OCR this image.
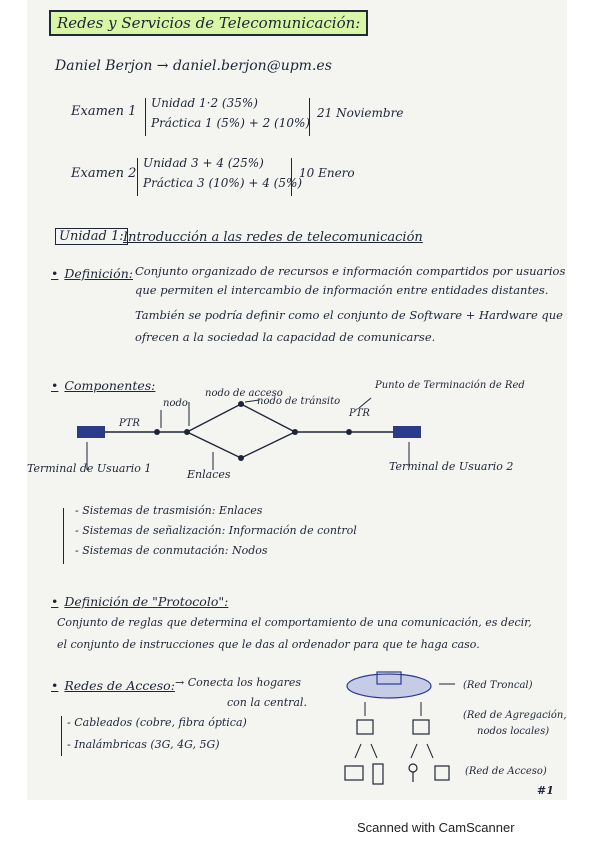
Redes y Servicios de Telecomunicación:
Daniel Berjon → daniel.berjon@upm.es
Examen 1
Unidad 1·2 (35%)
Práctica 1 (5%) + 2 (10%)
21 Noviembre
Examen 2
Unidad 3 + 4 (25%)
Práctica 3 (10%) + 4 (5%)
10 Enero
Unidad 1: Introducción a las redes de telecomunicación
• Definición: Conjunto organizado de recursos e información compartidos por usuarios
que permiten el intercambio de información entre entidades distantes.
También se podría definir como el conjunto de Software + Hardware que
ofrecen a la sociedad la capacidad de comunicarse.
• Componentes:
PTR
PTR
nodo
nodo de acceso
nodo de tránsito
Punto de Terminación de Red
Terminal de Usuario 1	Terminal de Usuario 2
Enlaces
- Sistemas de trasmisión: Enlaces
- Sistemas de señalización: Información de control
- Sistemas de conmutación: Nodos
• Definición de "Protocolo":
Conjunto de reglas que determina el comportamiento de una comunicación, es decir,
el conjunto de instrucciones que le das al ordenador para que te haga caso.
• Redes de Acceso: → Conecta los hogares
con la central.
- Cableados (cobre, fibra óptica)
- Inalámbricas (3G, 4G, 5G)
(Red Troncal)
(Red de Agregación,
nodos locales)
(Red de Acceso)
#1
Scanned with CamScanner
